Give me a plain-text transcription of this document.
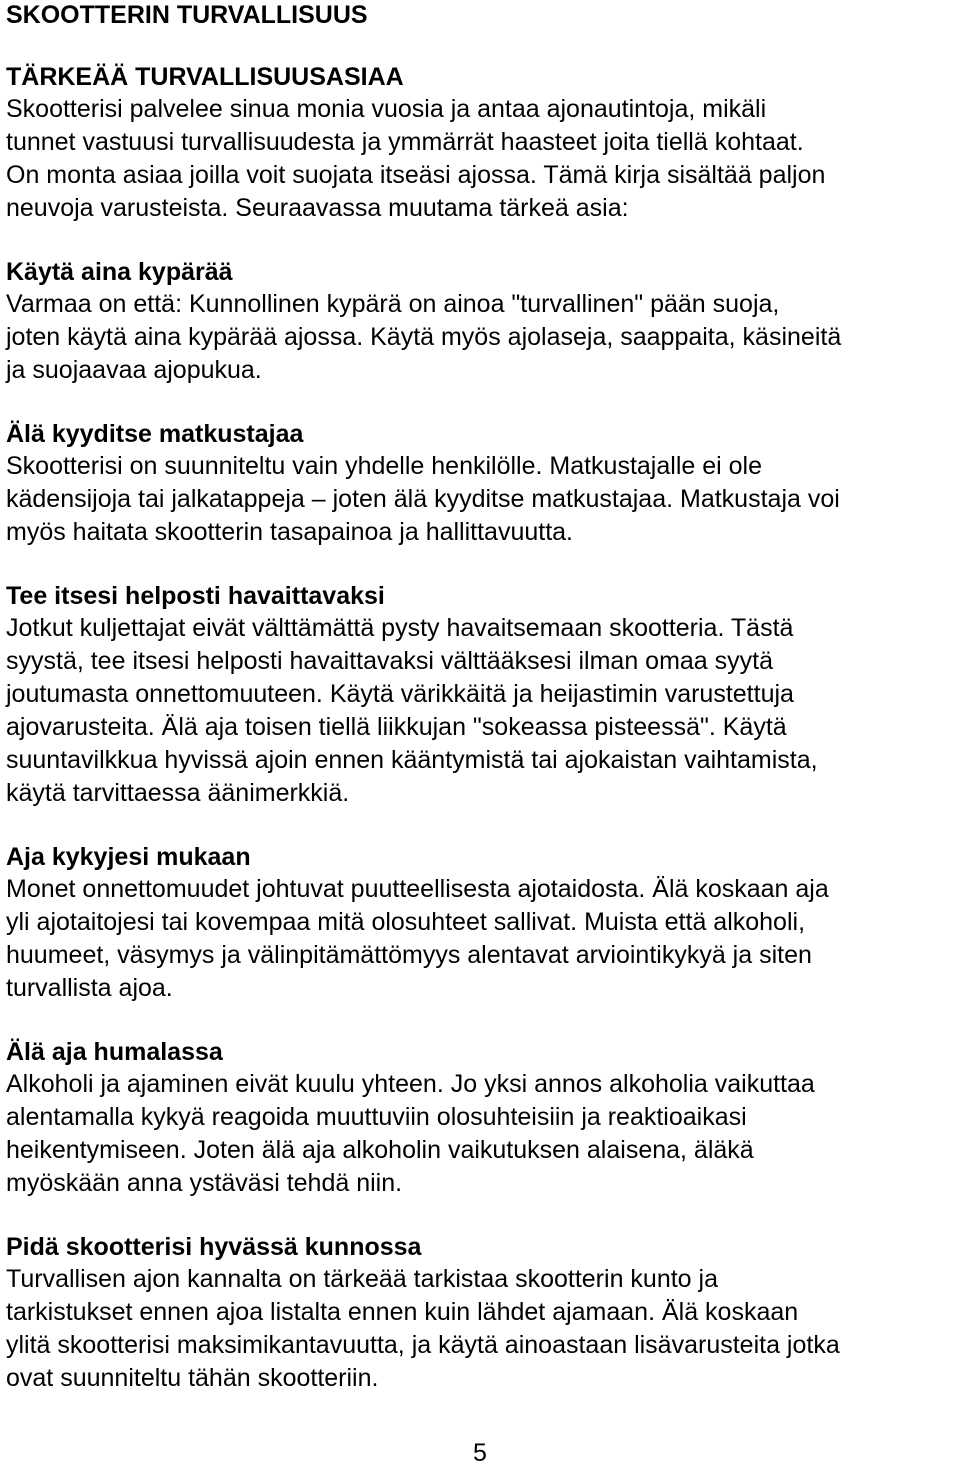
SKOOTTERIN TURVALLISUUS
TÄRKEÄÄ TURVALLISUUSASIAA

Skootterisi palvelee sinua monia vuosia ja antaa ajonautintoja, mikäli
tunnet vastuusi turvallisuudesta ja ymmärrät haasteet joita tiellä kohtaat.
On monta asiaa joilla voit suojata itseäsi ajossa. Tämä kirja sisältää paljon
neuvoja varusteista. Seuraavassa muutama tärkeä asia:

Käytä aina kypärää

Varmaa on että: Kunnollinen kypärä on ainoa "turvallinen" pään suoja,
joten käytä aina kypärää ajossa. Käytä myös ajolaseja, saappaita, käsineitä
ja suojaavaa ajopukua.

Älä kyyditse matkustajaa

Skootterisi on suunniteltu vain yhdelle henkilölle. Matkustajalle ei ole
kädensijoja tai jalkatappeja – joten älä kyyditse matkustajaa. Matkustaja voi
myös haitata skootterin tasapainoa ja hallittavuutta.

Tee itsesi helposti havaittavaksi

Jotkut kuljettajat eivät välttämättä pysty havaitsemaan skootteria. Tästä
syystä, tee itsesi helposti havaittavaksi välttääksesi ilman omaa syytä
joutumasta onnettomuuteen. Käytä värikkäitä ja heijastimin varustettuja
ajovarusteita. Älä aja toisen tiellä liikkujan "sokeassa pisteessä". Käytä
suuntavilkkua hyvissä ajoin ennen kääntymistä tai ajokaistan vaihtamista,
käytä tarvittaessa äänimerkkiä.

Aja kykyjesi mukaan

Monet onnettomuudet johtuvat puutteellisesta ajotaidosta. Älä koskaan aja
yli ajotaitojesi tai kovempaa mitä olosuhteet sallivat. Muista että alkoholi,
huumeet, väsymys ja välinpitämättömyys alentavat arviointikykyä ja siten
turvallista ajoa.

Älä aja humalassa

Alkoholi ja ajaminen eivät kuulu yhteen. Jo yksi annos alkoholia vaikuttaa
alentamalla kykyä reagoida muuttuviin olosuhteisiin ja reaktioaikasi
heikentymiseen. Joten älä aja alkoholin vaikutuksen alaisena, äläkä
myöskään anna ystäväsi tehdä niin.

Pidä skootterisi hyvässä kunnossa

Turvallisen ajon kannalta on tärkeää tarkistaa skootterin kunto ja
tarkistukset ennen ajoa listalta ennen kuin lähdet ajamaan. Älä koskaan
ylitä skootterisi maksimikantavuutta, ja käytä ainoastaan lisävarusteita jotka
ovat suunniteltu tähän skootteriin.

5
